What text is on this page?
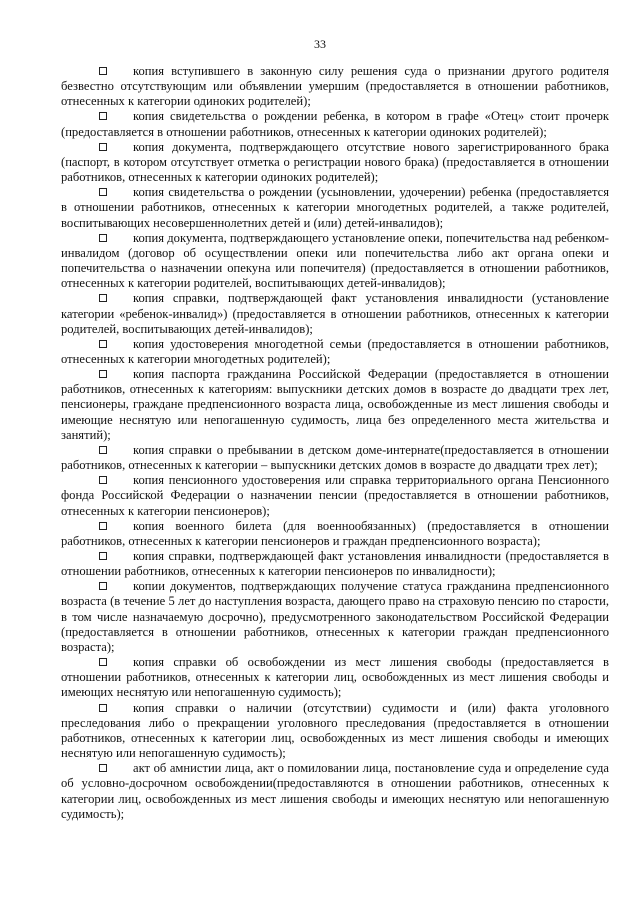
33

копия вступившего в законную силу решения суда о признании другого родителя безвестно отсутствующим или объявлении умершим (предоставляется в отношении работников, отнесенных к категории одиноких родителей);

копия свидетельства о рождении ребенка, в котором в графе «Отец» стоит прочерк (предоставляется в отношении работников, отнесенных к категории одиноких родителей);

копия документа, подтверждающего отсутствие нового зарегистрированного брака (паспорт, в котором отсутствует отметка о регистрации нового брака) (предоставляется в отношении работников, отнесенных к категории одиноких родителей);

копия свидетельства о рождении (усыновлении, удочерении) ребенка (предоставляется в отношении работников, отнесенных к категории многодетных родителей, а также родителей, воспитывающих несовершеннолетних детей и (или) детей-инвалидов);

копия документа, подтверждающего установление опеки, попечительства над ребенком-инвалидом (договор об осуществлении опеки или попечительства либо акт органа опеки и попечительства о назначении опекуна или попечителя) (предоставляется в отношении работников, отнесенных к категории родителей, воспитывающих детей-инвалидов);

копия справки, подтверждающей факт установления инвалидности (установление категории «ребенок-инвалид») (предоставляется в отношении работников, отнесенных к категории родителей, воспитывающих детей-инвалидов);

копия удостоверения многодетной семьи (предоставляется в отношении работников, отнесенных к категории многодетных родителей);

копия паспорта гражданина Российской Федерации (предоставляется в отношении работников, отнесенных к категориям: выпускники детских домов в возрасте до двадцати трех лет, пенсионеры, граждане предпенсионного возраста лица, освобожденные из мест лишения свободы и имеющие неснятую или непогашенную судимость, лица без определенного места жительства и занятий);

копия справки о пребывании в детском доме-интернате(предоставляется в отношении работников, отнесенных к категории – выпускники детских домов в возрасте до двадцати трех лет);

копия пенсионного удостоверения или справка территориального органа Пенсионного фонда Российской Федерации о назначении пенсии (предоставляется в отношении работников, отнесенных к категории пенсионеров);

копия военного билета (для военнообязанных) (предоставляется в отношении работников, отнесенных к категории пенсионеров и граждан предпенсионного возраста);

копия справки, подтверждающей факт установления инвалидности (предоставляется в отношении работников, отнесенных к категории пенсионеров по инвалидности);

копии документов, подтверждающих получение статуса гражданина предпенсионного возраста (в течение 5 лет до наступления возраста, дающего право на страховую пенсию по старости, в том числе назначаемую досрочно), предусмотренного законодательством Российской Федерации (предоставляется в отношении работников, отнесенных к категории граждан предпенсионного возраста);

копия справки об освобождении из мест лишения свободы (предоставляется в отношении работников, отнесенных к категории лиц, освобожденных из мест лишения свободы и имеющих неснятую или непогашенную судимость);

копия справки о наличии (отсутствии) судимости и (или) факта уголовного преследования либо о прекращении уголовного преследования (предоставляется в отношении работников, отнесенных к категории лиц, освобожденных из мест лишения свободы и имеющих неснятую или непогашенную судимость);

акт об амнистии лица, акт о помиловании лица, постановление суда и определение суда об условно-досрочном освобождении(предоставляются в отношении работников, отнесенных к категории лиц, освобожденных из мест лишения свободы и имеющих неснятую или непогашенную судимость);
